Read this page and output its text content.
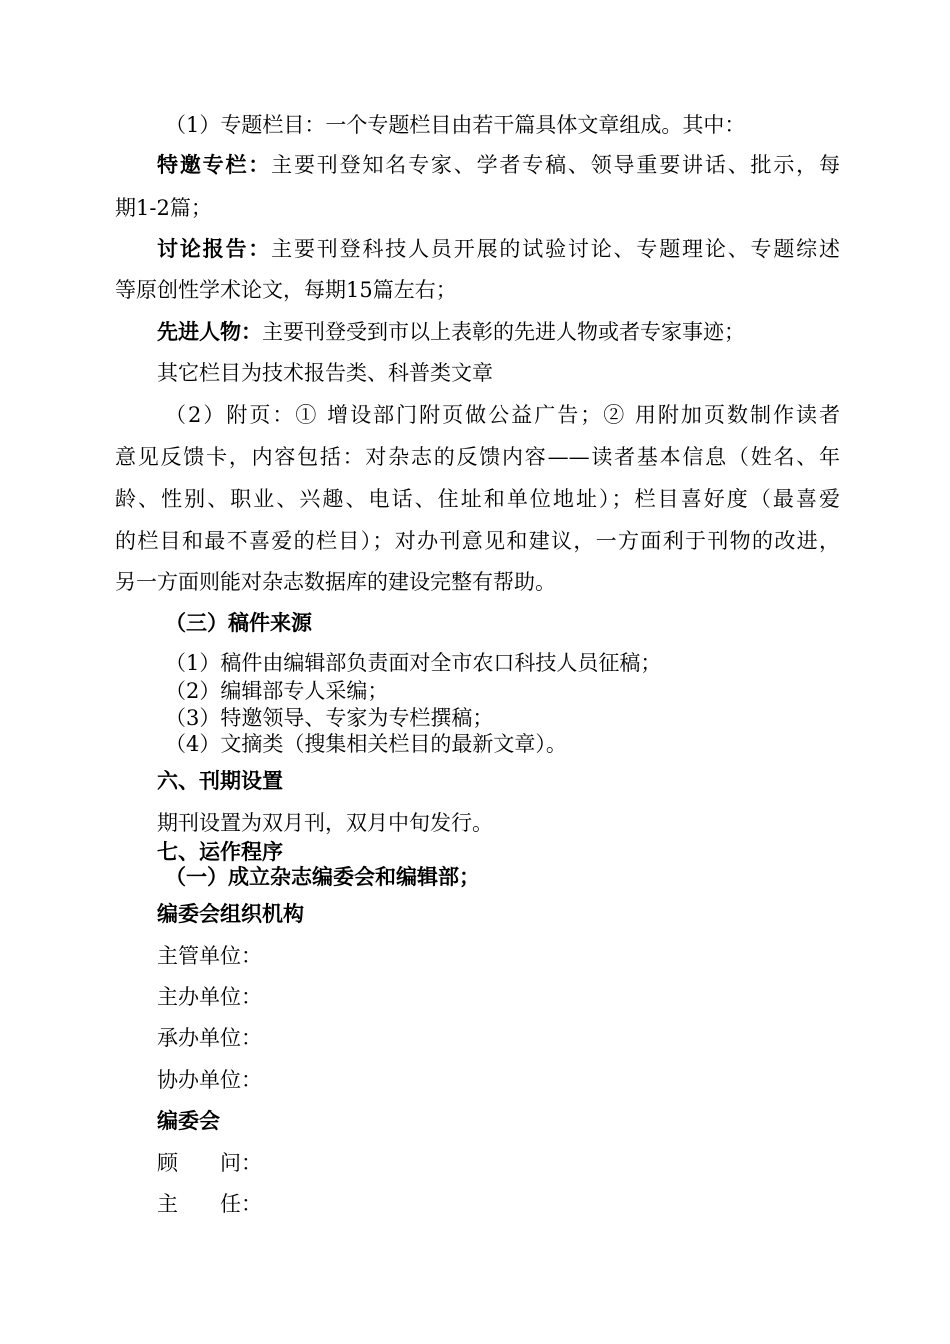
（1）专题栏目：一个专题栏目由若干篇具体文章组成。其中：
特邀专栏：主要刊登知名专家、学者专稿、领导重要讲话、批示，每
期1-2篇；
讨论报告：主要刊登科技人员开展的试验讨论、专题理论、专题综述
等原创性学术论文，每期15篇左右；
先进人物：主要刊登受到市以上表彰的先进人物或者专家事迹；
其它栏目为技术报告类、科普类文章
（2）附页：① 增设部门附页做公益广告；② 用附加页数制作读者
意见反馈卡，内容包括：对杂志的反馈内容——读者基本信息（姓名、年
龄、性别、职业、兴趣、电话、住址和单位地址）；栏目喜好度（最喜爱
的栏目和最不喜爱的栏目）；对办刊意见和建议，一方面利于刊物的改进，
另一方面则能对杂志数据库的建设完整有帮助。
（三）稿件来源
（1）稿件由编辑部负责面对全市农口科技人员征稿；
（2）编辑部专人采编；
（3）特邀领导、专家为专栏撰稿；
（4）文摘类（搜集相关栏目的最新文章）。
六、刊期设置
期刊设置为双月刊，双月中旬发行。
七、运作程序
（一）成立杂志编委会和编辑部；
编委会组织机构
主管单位：
主办单位：
承办单位：
协办单位：
编委会
顾　　问：
主　　任：
